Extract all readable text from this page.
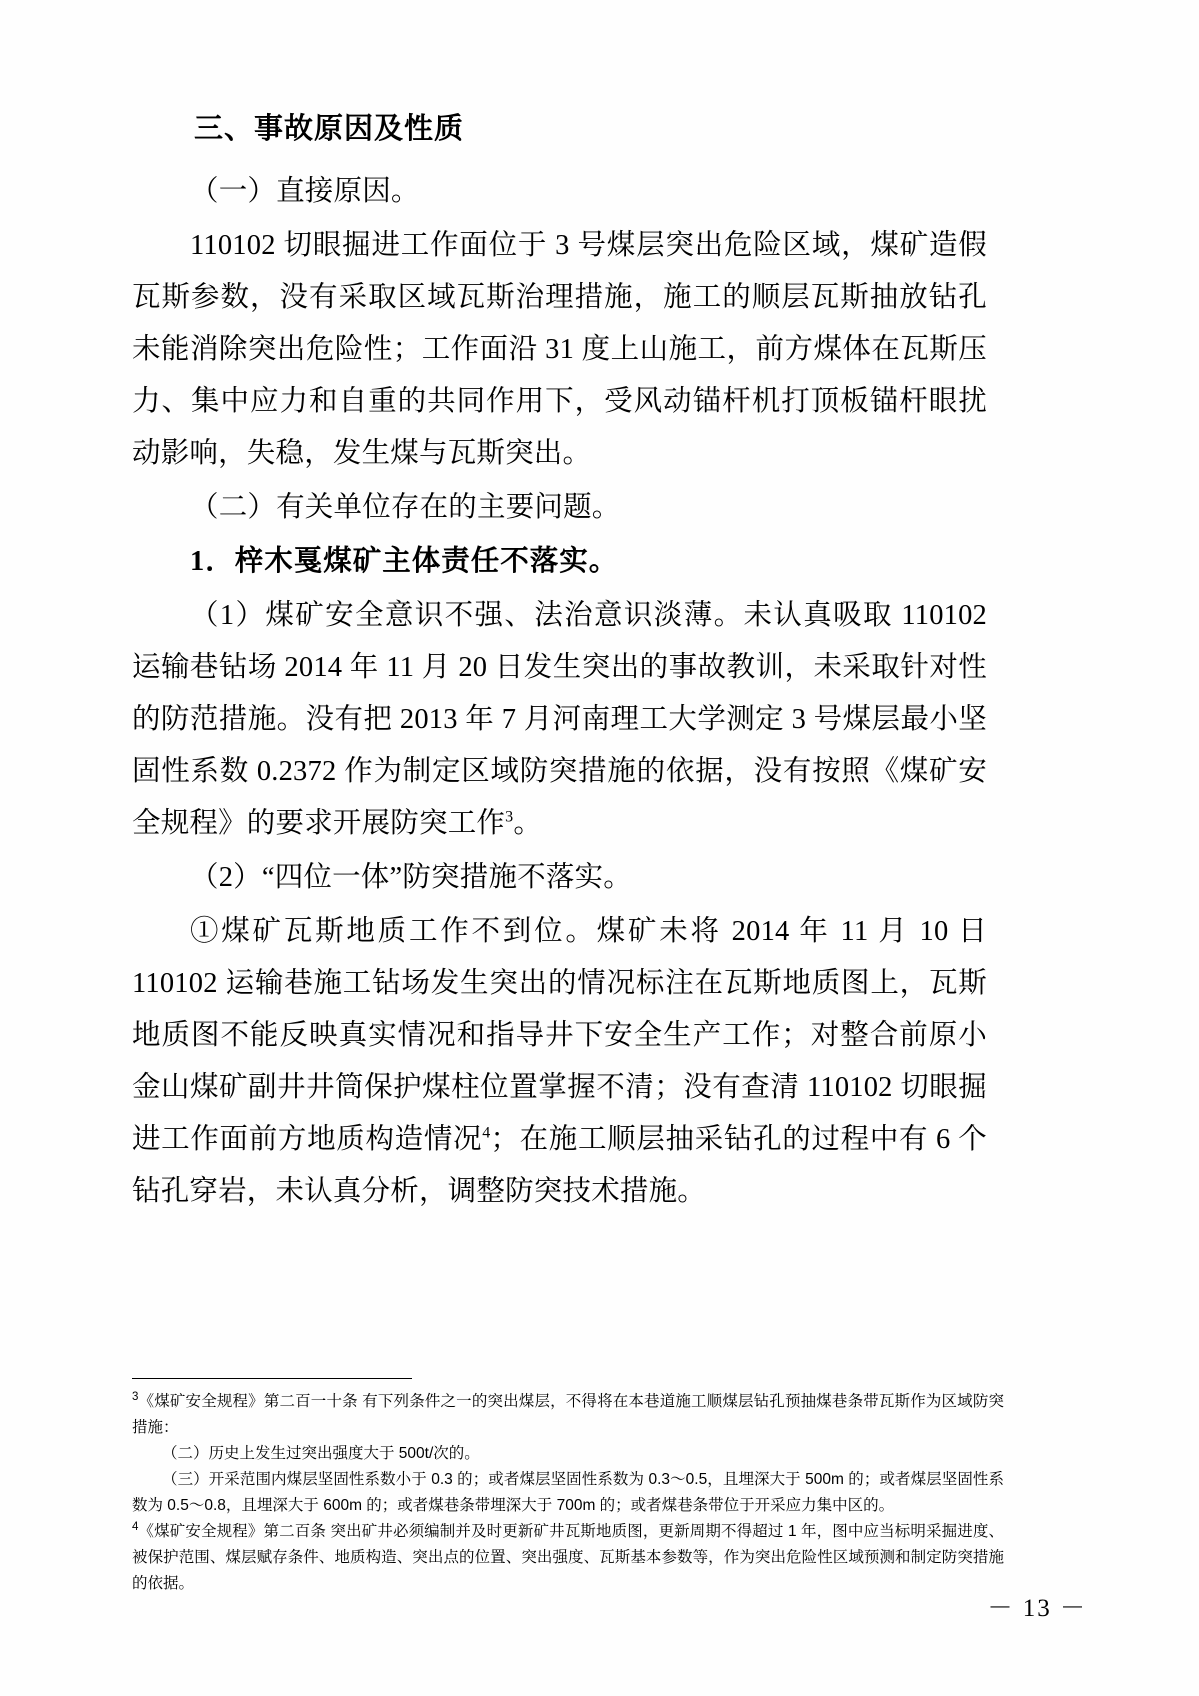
三、事故原因及性质

（一）直接原因。

110102 切眼掘进工作面位于 3 号煤层突出危险区域，煤矿造假瓦斯参数，没有采取区域瓦斯治理措施，施工的顺层瓦斯抽放钻孔未能消除突出危险性；工作面沿 31 度上山施工，前方煤体在瓦斯压力、集中应力和自重的共同作用下，受风动锚杆机打顶板锚杆眼扰动影响，失稳，发生煤与瓦斯突出。

（二）有关单位存在的主要问题。

1．梓木戛煤矿主体责任不落实。

（1）煤矿安全意识不强、法治意识淡薄。未认真吸取 110102 运输巷钻场 2014 年 11 月 20 日发生突出的事故教训，未采取针对性的防范措施。没有把 2013 年 7 月河南理工大学测定 3 号煤层最小坚固性系数 0.2372 作为制定区域防突措施的依据，没有按照《煤矿安全规程》的要求开展防突工作$^3$。

（2）“四位一体”防突措施不落实。

①煤矿瓦斯地质工作不到位。煤矿未将 2014 年 11 月 10 日 110102 运输巷施工钻场发生突出的情况标注在瓦斯地质图上，瓦斯地质图不能反映真实情况和指导井下安全生产工作；对整合前原小金山煤矿副井井筒保护煤柱位置掌握不清；没有查清 110102 切眼掘进工作面前方地质构造情况$^4$；在施工顺层抽采钻孔的过程中有 6 个钻孔穿岩，未认真分析，调整防突技术措施。

$^3$《煤矿安全规程》第二百一十条 有下列条件之一的突出煤层，不得将在本巷道施工顺煤层钻孔预抽煤巷条带瓦斯作为区域防突措施：
（二）历史上发生过突出强度大于 500t/次的。
（三）开采范围内煤层坚固性系数小于 0.3 的；或者煤层坚固性系数为 0.3～0.5，且埋深大于 500m 的；或者煤层坚固性系数为 0.5～0.8，且埋深大于 600m 的；或者煤巷条带埋深大于 700m 的；或者煤巷条带位于开采应力集中区的。

$^4$《煤矿安全规程》第二百条 突出矿井必须编制并及时更新矿井瓦斯地质图，更新周期不得超过 1 年，图中应当标明采掘进度、被保护范围、煤层赋存条件、地质构造、突出点的位置、突出强度、瓦斯基本参数等，作为突出危险性区域预测和制定防突措施的依据。

－ 13 －
